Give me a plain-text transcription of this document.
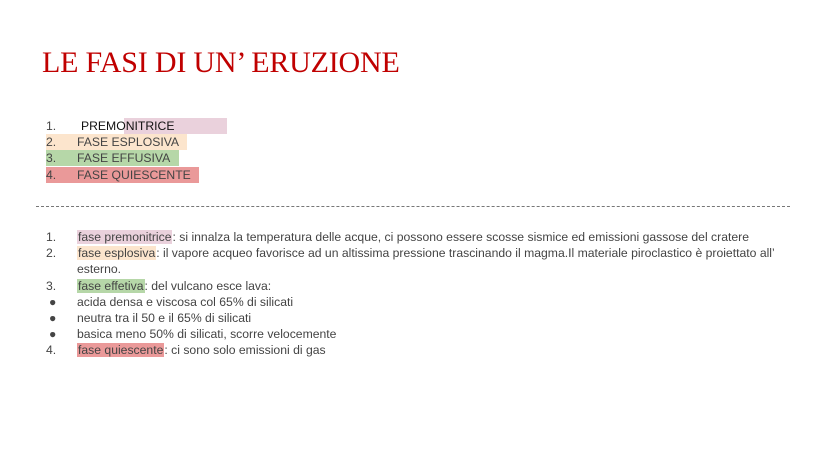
LE FASI DI UN’ ERUZIONE
1.	PREMONITRICE
2.	FASE ESPLOSIVA
3.	FASE EFFUSIVA
4.	FASE QUIESCENTE
1.	fase premonitrice: si innalza la temperatura delle acque, ci possono essere scosse sismice ed emissioni gassose del cratere
2.	fase esplosiva: il vapore acqueo favorisce ad un altissima pressione trascinando il magma.Il materiale piroclastico è proiettato all’ esterno.
3.	fase effetiva: del vulcano esce lava:
●	acida densa e viscosa col 65% di silicati
●	neutra tra il 50 e il 65% di silicati
●	basica meno 50% di silicati, scorre velocemente
4.	fase quiescente: ci sono solo emissioni di gas
